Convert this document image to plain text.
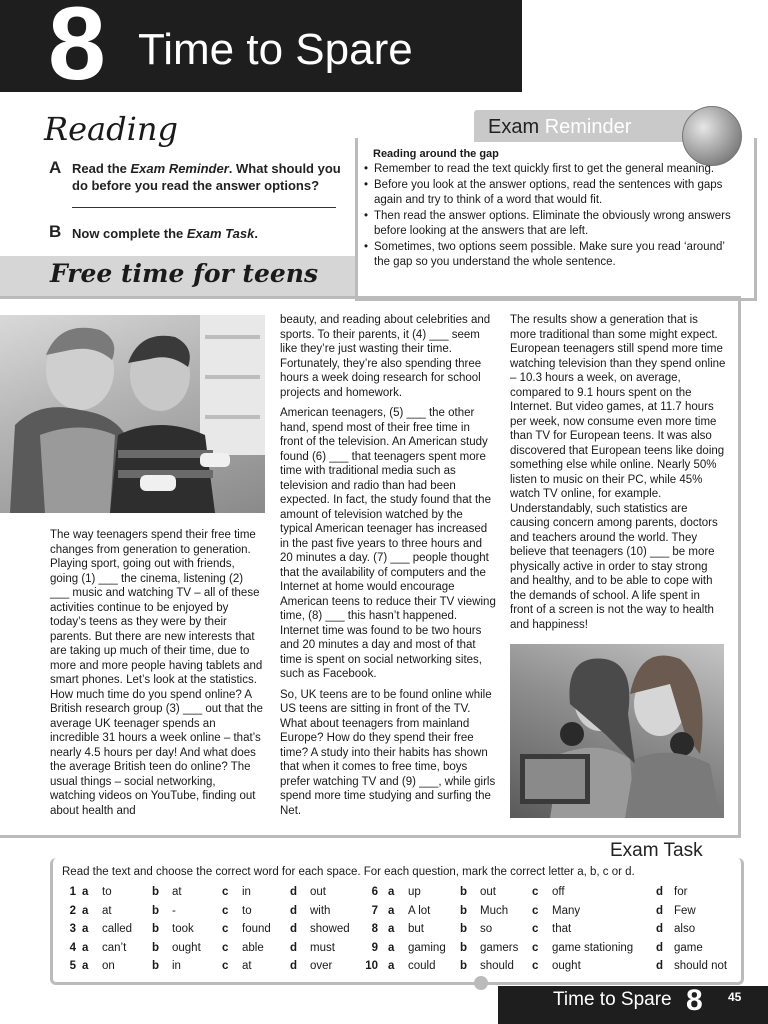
8 Time to Spare
Reading
A Read the Exam Reminder. What should you do before you read the answer options?
B Now complete the Exam Task.
Exam Reminder
Reading around the gap
• Remember to read the text quickly first to get the general meaning.
• Before you look at the answer options, read the sentences with gaps again and try to think of a word that would fit.
• Then read the answer options. Eliminate the obviously wrong answers before looking at the answers that are left.
• Sometimes, two options seem possible. Make sure you read ‘around’ the gap so you understand the whole sentence.
Free time for teens

The way teenagers spend their free time changes from generation to generation. Playing sport, going out with friends, going (1) ___ the cinema, listening (2) ___ music and watching TV – all of these activities continue to be enjoyed by today’s teens as they were by their parents. But there are new interests that are taking up much of their time, due to more and more people having tablets and smart phones. Let’s look at the statistics. How much time do you spend online? A British research group (3) ___ out that the average UK teenager spends an incredible 31 hours a week online – that’s nearly 4.5 hours per day! And what does the average British teen do online? The usual things – social networking, watching videos on YouTube, finding out about health and

beauty, and reading about celebrities and sports. To their parents, it (4) ___ seem like they’re just wasting their time. Fortunately, they’re also spending three hours a week doing research for school projects and homework.

American teenagers, (5) ___ the other hand, spend most of their free time in front of the television. An American study found (6) ___ that teenagers spent more time with traditional media such as television and radio than had been expected. In fact, the study found that the amount of television watched by the typical American teenager has increased in the past five years to three hours and 20 minutes a day. (7) ___ people thought that the availability of computers and the Internet at home would encourage American teens to reduce their TV viewing time, (8) ___ this hasn’t happened. Internet time was found to be two hours and 20 minutes a day and most of that time is spent on social networking sites, such as Facebook.

So, UK teens are to be found online while US teens are sitting in front of the TV. What about teenagers from mainland Europe? How do they spend their free time? A study into their habits has shown that when it comes to free time, boys prefer watching TV and (9) ___, while girls spend more time studying and surfing the Net.

The results show a generation that is more traditional than some might expect. European teenagers still spend more time watching television than they spend online – 10.3 hours a week, on average, compared to 9.1 hours spent on the Internet. But video games, at 11.7 hours per week, now consume even more time than TV for European teens. It was also discovered that European teens like doing something else while online. Nearly 50% listen to music on their PC, while 45% watch TV online, for example. Understandably, such statistics are causing concern among parents, doctors and teachers around the world. They believe that teenagers (10) ___ be more physically active in order to stay strong and healthy, and to be able to cope with the demands of school. A life spent in front of a screen is not the way to health and happiness!

Exam Task
Read the text and choose the correct word for each space. For each question, mark the correct letter a, b, c or d.
1 a to	b at	c in	d out
2 a at	b -	c to	d with
3 a called b took c found d showed
4 a can’t b ought c able d must
5 a on	b in	c at	d over
6 a up	b out	c off	d for
7 a A lot	b Much c Many	d Few
8 a but	b so	c that	d also
9 a gaming b gamers c game stationing d game
10 a could b should c ought	d should not
Time to Spare 8 45
